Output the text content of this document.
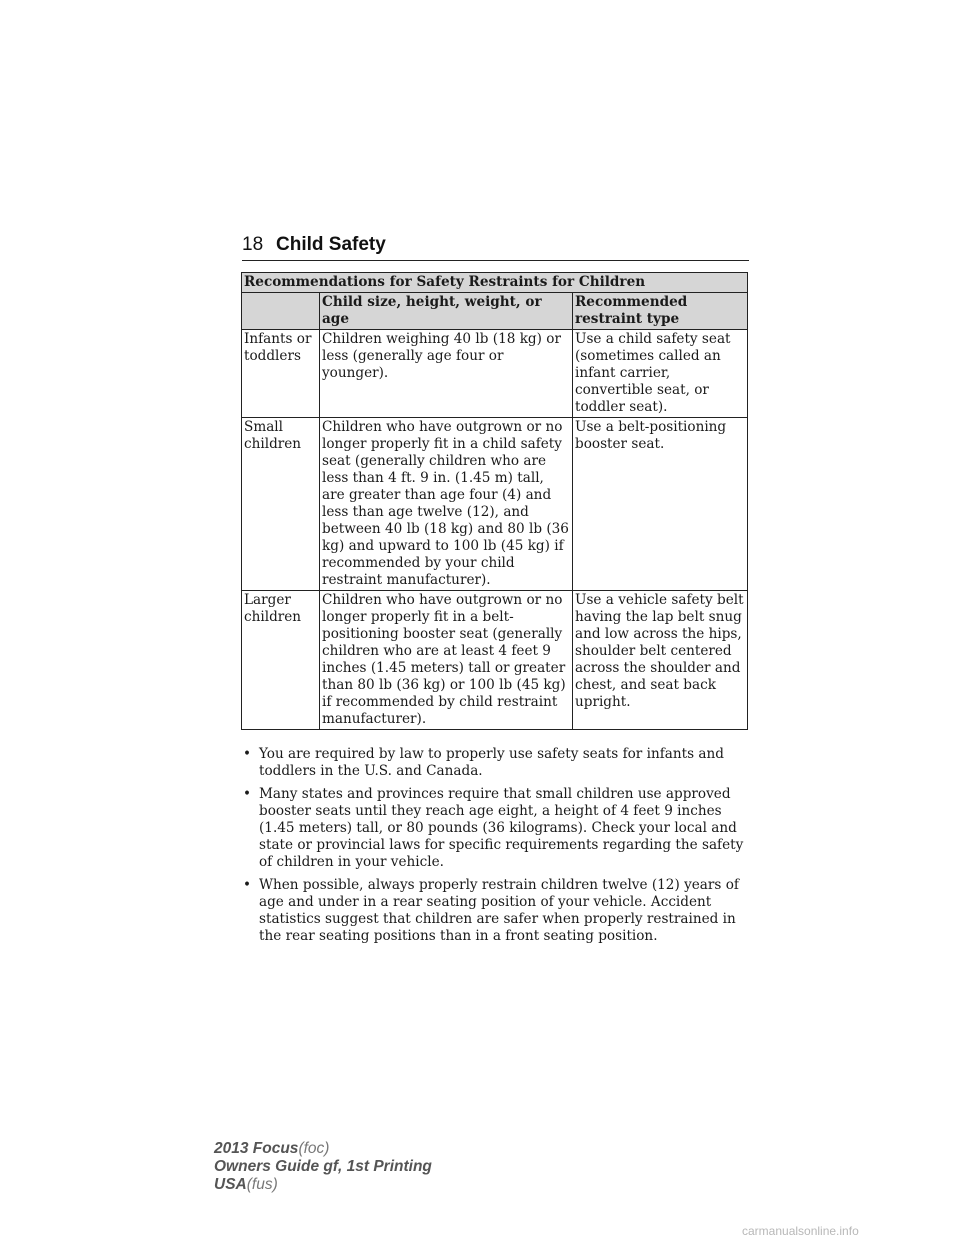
18 Child Safety
Recommendations for Safety Restraints for Children		
	Child size, height, weight, or age	Recommended restraint type
Infants or toddlers	Children weighing 40 lb (18 kg) or less (generally age four or younger).	Use a child safety seat (sometimes called an infant carrier, convertible seat, or toddler seat).
Small children	Children who have outgrown or no longer properly fit in a child safety seat (generally children who are less than 4 ft. 9 in. (1.45 m) tall, are greater than age four (4) and less than age twelve (12), and between 40 lb (18 kg) and 80 lb (36 kg) and upward to 100 lb (45 kg) if recommended by your child restraint manufacturer).	Use a belt-positioning booster seat.
Larger children	Children who have outgrown or no longer properly fit in a belt-positioning booster seat (generally children who are at least 4 feet 9 inches (1.45 meters) tall or greater than 80 lb (36 kg) or 100 lb (45 kg) if recommended by child restraint manufacturer).	Use a vehicle safety belt having the lap belt snug and low across the hips, shoulder belt centered across the shoulder and chest, and seat back upright.
• You are required by law to properly use safety seats for infants and toddlers in the U.S. and Canada.
• Many states and provinces require that small children use approved booster seats until they reach age eight, a height of 4 feet 9 inches (1.45 meters) tall, or 80 pounds (36 kilograms). Check your local and state or provincial laws for specific requirements regarding the safety of children in your vehicle.
• When possible, always properly restrain children twelve (12) years of age and under in a rear seating position of your vehicle. Accident statistics suggest that children are safer when properly restrained in the rear seating positions than in a front seating position.
2013 Focus(foc)
Owners Guide gf, 1st Printing
USA(fus)
carmanualsonline.info
